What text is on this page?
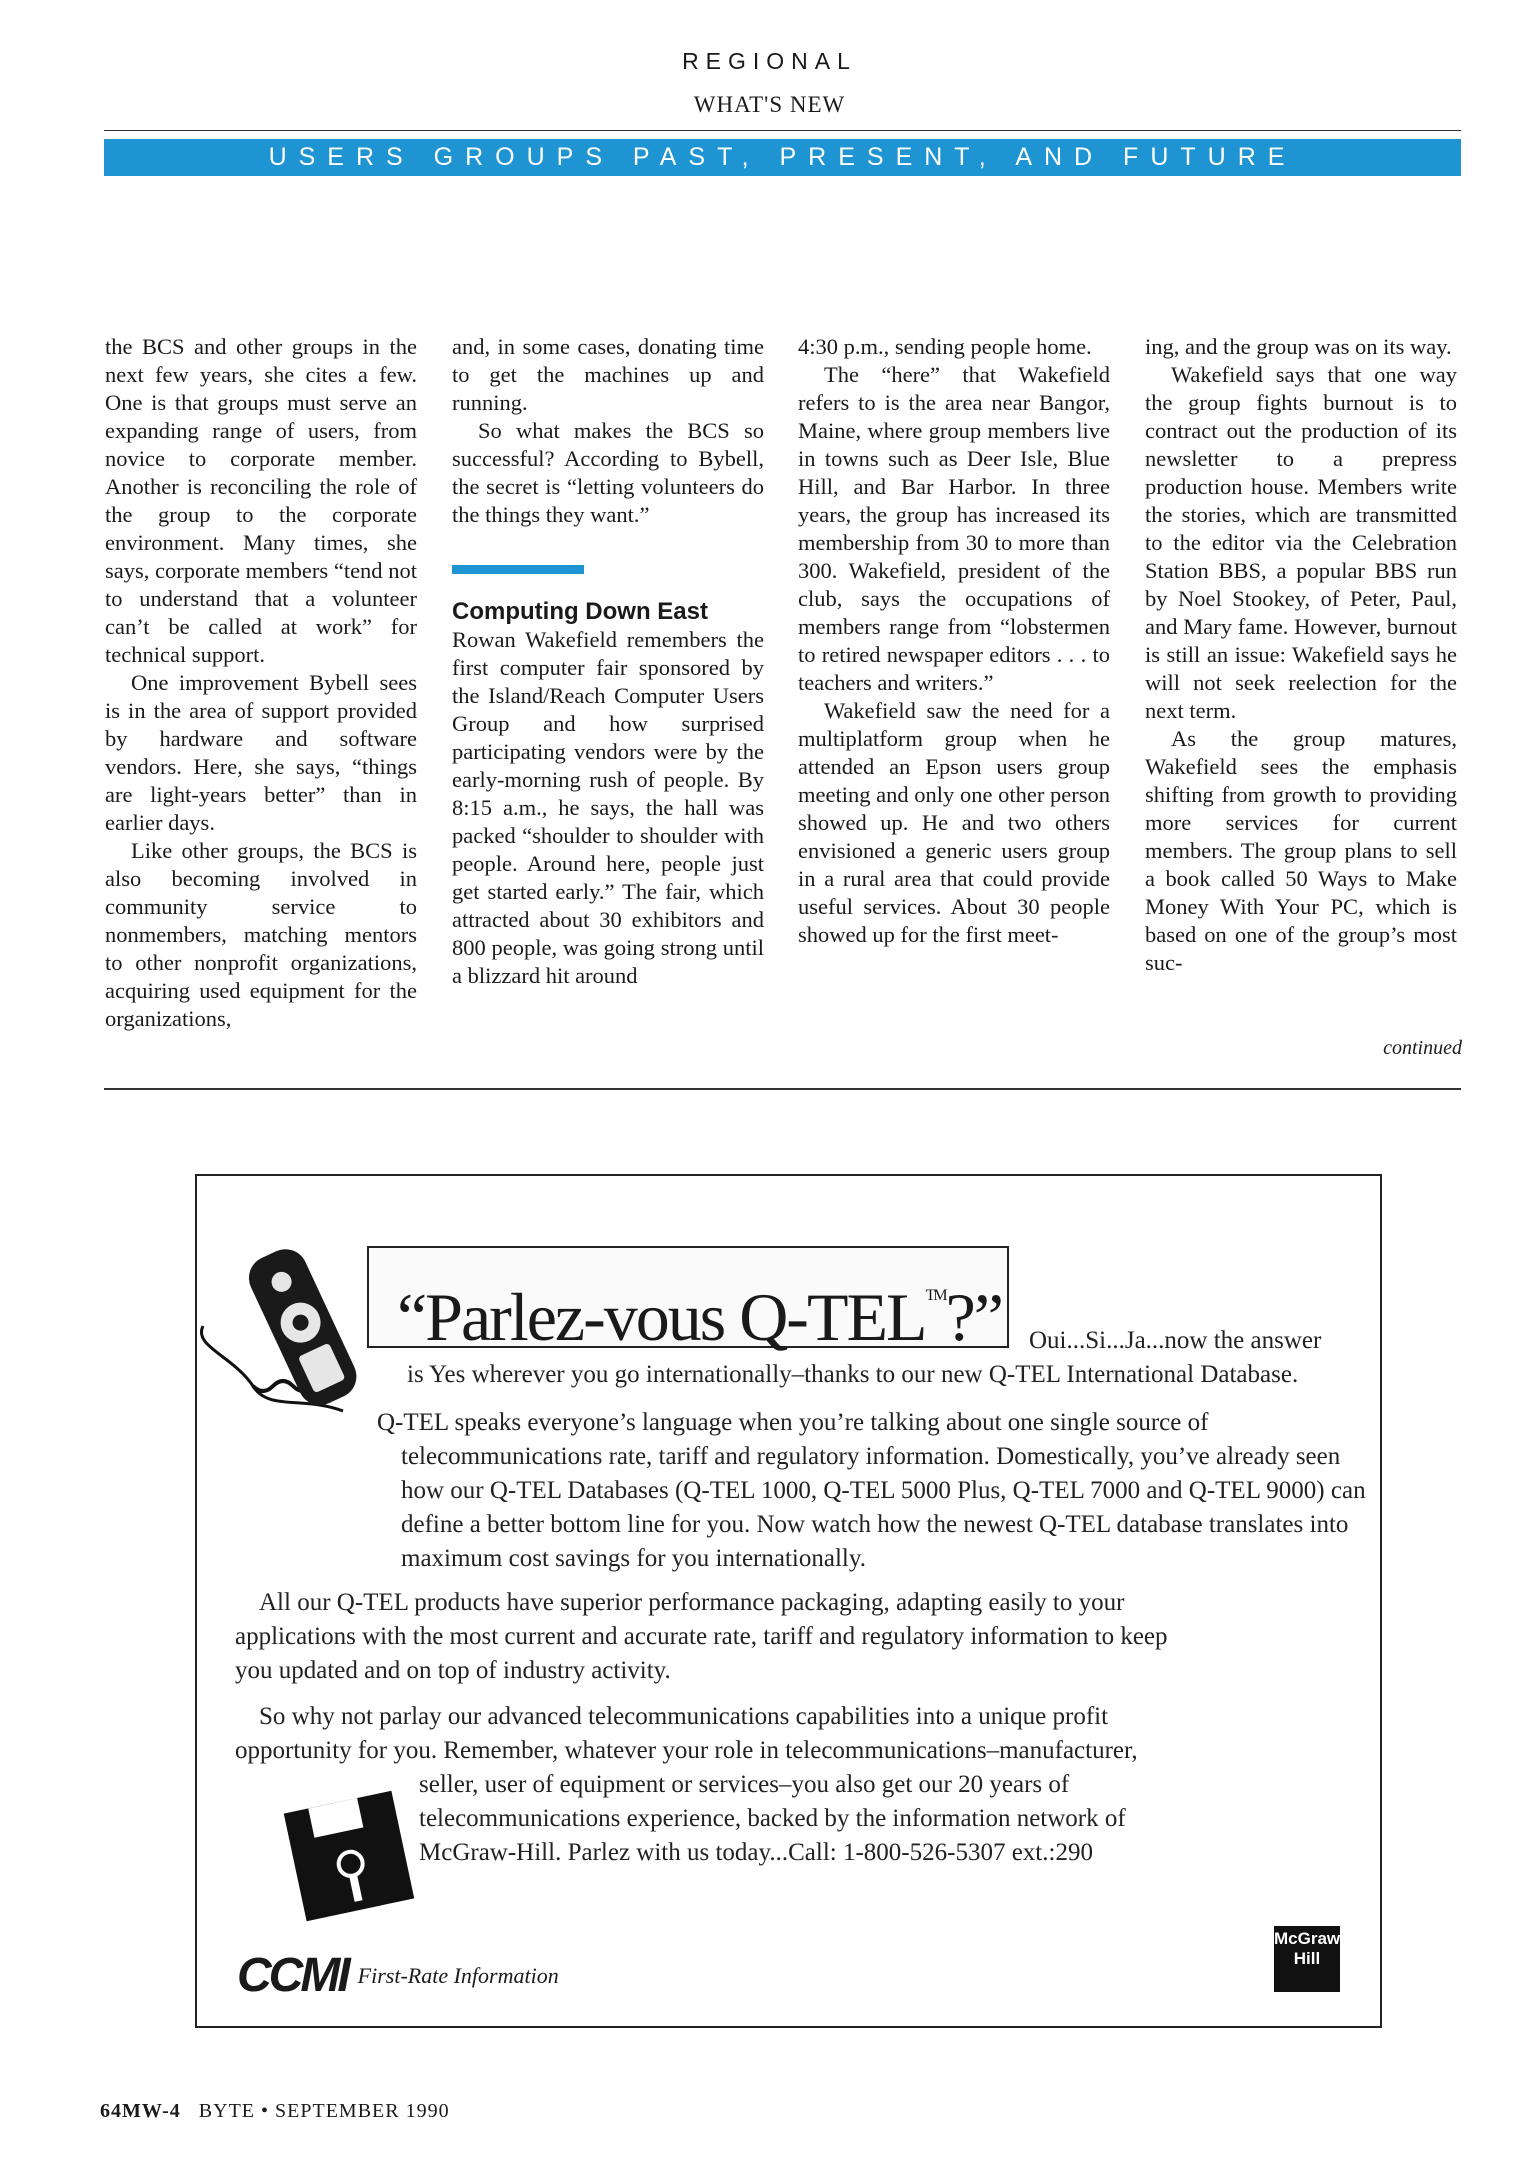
REGIONAL
WHAT'S NEW
USERS GROUPS PAST, PRESENT, AND FUTURE

the BCS and other groups in the next few years, she cites a few. One is that groups must serve an expanding range of users, from novice to corporate member. Another is reconciling the role of the group to the corporate environment. Many times, she says, corporate members “tend not to understand that a volunteer can’t be called at work” for technical support.

One improvement Bybell sees is in the area of support provided by hardware and software vendors. Here, she says, “things are light-years better” than in earlier days.

Like other groups, the BCS is also becoming involved in community service to nonmembers, matching mentors to other nonprofit organizations, acquiring used equipment for the organizations,

and, in some cases, donating time to get the machines up and running.

So what makes the BCS so successful? According to Bybell, the secret is “letting volunteers do the things they want.”

Computing Down East

Rowan Wakefield remembers the first computer fair sponsored by the Island/Reach Computer Users Group and how surprised participating vendors were by the early-morning rush of people. By 8:15 a.m., he says, the hall was packed “shoulder to shoulder with people. Around here, people just get started early.” The fair, which attracted about 30 exhibitors and 800 people, was going strong until a blizzard hit around

4:30 p.m., sending people home.

The “here” that Wakefield refers to is the area near Bangor, Maine, where group members live in towns such as Deer Isle, Blue Hill, and Bar Harbor. In three years, the group has increased its membership from 30 to more than 300. Wakefield, president of the club, says the occupations of members range from “lobstermen to retired newspaper editors . . . to teachers and writers.”

Wakefield saw the need for a multiplatform group when he attended an Epson users group meeting and only one other person showed up. He and two others envisioned a generic users group in a rural area that could provide useful services. About 30 people showed up for the first meet-

ing, and the group was on its way.

Wakefield says that one way the group fights burnout is to contract out the production of its newsletter to a prepress production house. Members write the stories, which are transmitted to the editor via the Celebration Station BBS, a popular BBS run by Noel Stookey, of Peter, Paul, and Mary fame. However, burnout is still an issue: Wakefield says he will not seek reelection for the next term.

As the group matures, Wakefield sees the emphasis shifting from growth to providing more services for current members. The group plans to sell a book called 50 Ways to Make Money With Your PC, which is based on one of the group’s most suc-

continued
“Parlez-vous Q-TEL™?” Oui...Si...Ja...now the answer
is Yes wherever you go internationally–thanks to our new Q-TEL International Database.
Q-TEL speaks everyone’s language when you’re talking about one single source of telecommunications rate, tariff and regulatory information. Domestically, you’ve already seen how our Q-TEL Databases (Q-TEL 1000, Q-TEL 5000 Plus, Q-TEL 7000 and Q-TEL 9000) can define a better bottom line for you. Now watch how the newest Q-TEL database translates into maximum cost savings for you internationally.
All our Q-TEL products have superior performance packaging, adapting easily to your applications with the most current and accurate rate, tariff and regulatory information to keep you updated and on top of industry activity.
So why not parlay our advanced telecommunications capabilities into a unique profit opportunity for you. Remember, whatever your role in telecommunications–manufacturer,
seller, user of equipment or services–you also get our 20 years of telecommunications experience, backed by the information network of McGraw-Hill. Parlez with us today...Call: 1-800-526-5307 ext.:290
CCMI First-Rate Information
McGraw-Hill
64MW-4 BYTE • SEPTEMBER 1990
